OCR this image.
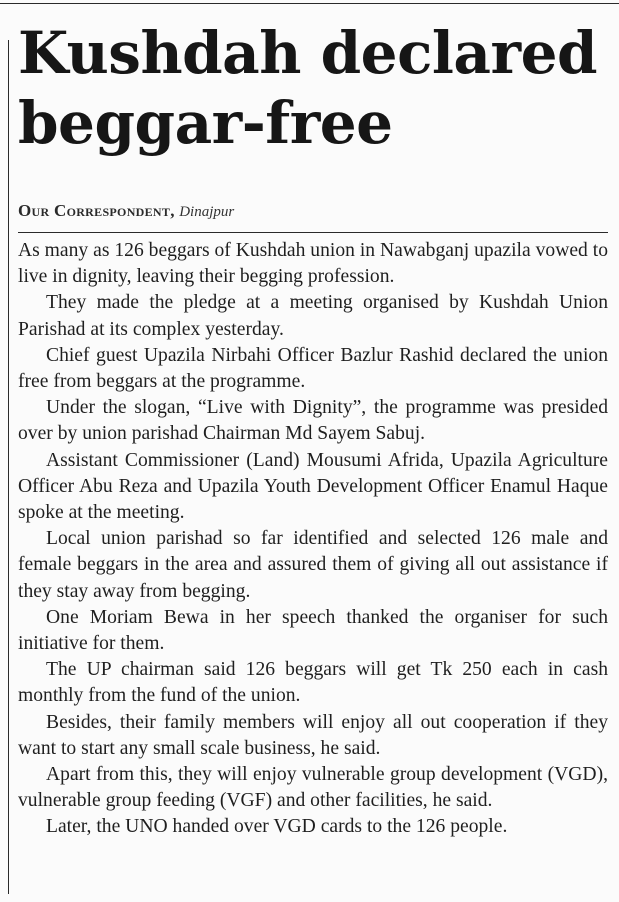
Kushdah declared beggar-free
Our Correspondent, Dinajpur

As many as 126 beggars of Kushdah union in Nawabganj upazila vowed to live in dignity, leaving their begging profession.

They made the pledge at a meeting organised by Kushdah Union Parishad at its complex yesterday.

Chief guest Upazila Nirbahi Officer Bazlur Rashid declared the union free from beggars at the programme.

Under the slogan, “Live with Dignity”, the programme was presided over by union parishad Chairman Md Sayem Sabuj.

Assistant Commissioner (Land) Mousumi Afrida, Upazila Agriculture Officer Abu Reza and Upazila Youth Development Officer Enamul Haque spoke at the meeting.

Local union parishad so far identified and selected 126 male and female beggars in the area and assured them of giving all out assistance if they stay away from begging.

One Moriam Bewa in her speech thanked the organiser for such initiative for them.

The UP chairman said 126 beggars will get Tk 250 each in cash monthly from the fund of the union.

Besides, their family members will enjoy all out cooperation if they want to start any small scale business, he said.

Apart from this, they will enjoy vulnerable group development (VGD), vulnerable group feeding (VGF) and other facilities, he said.

Later, the UNO handed over VGD cards to the 126 people.
